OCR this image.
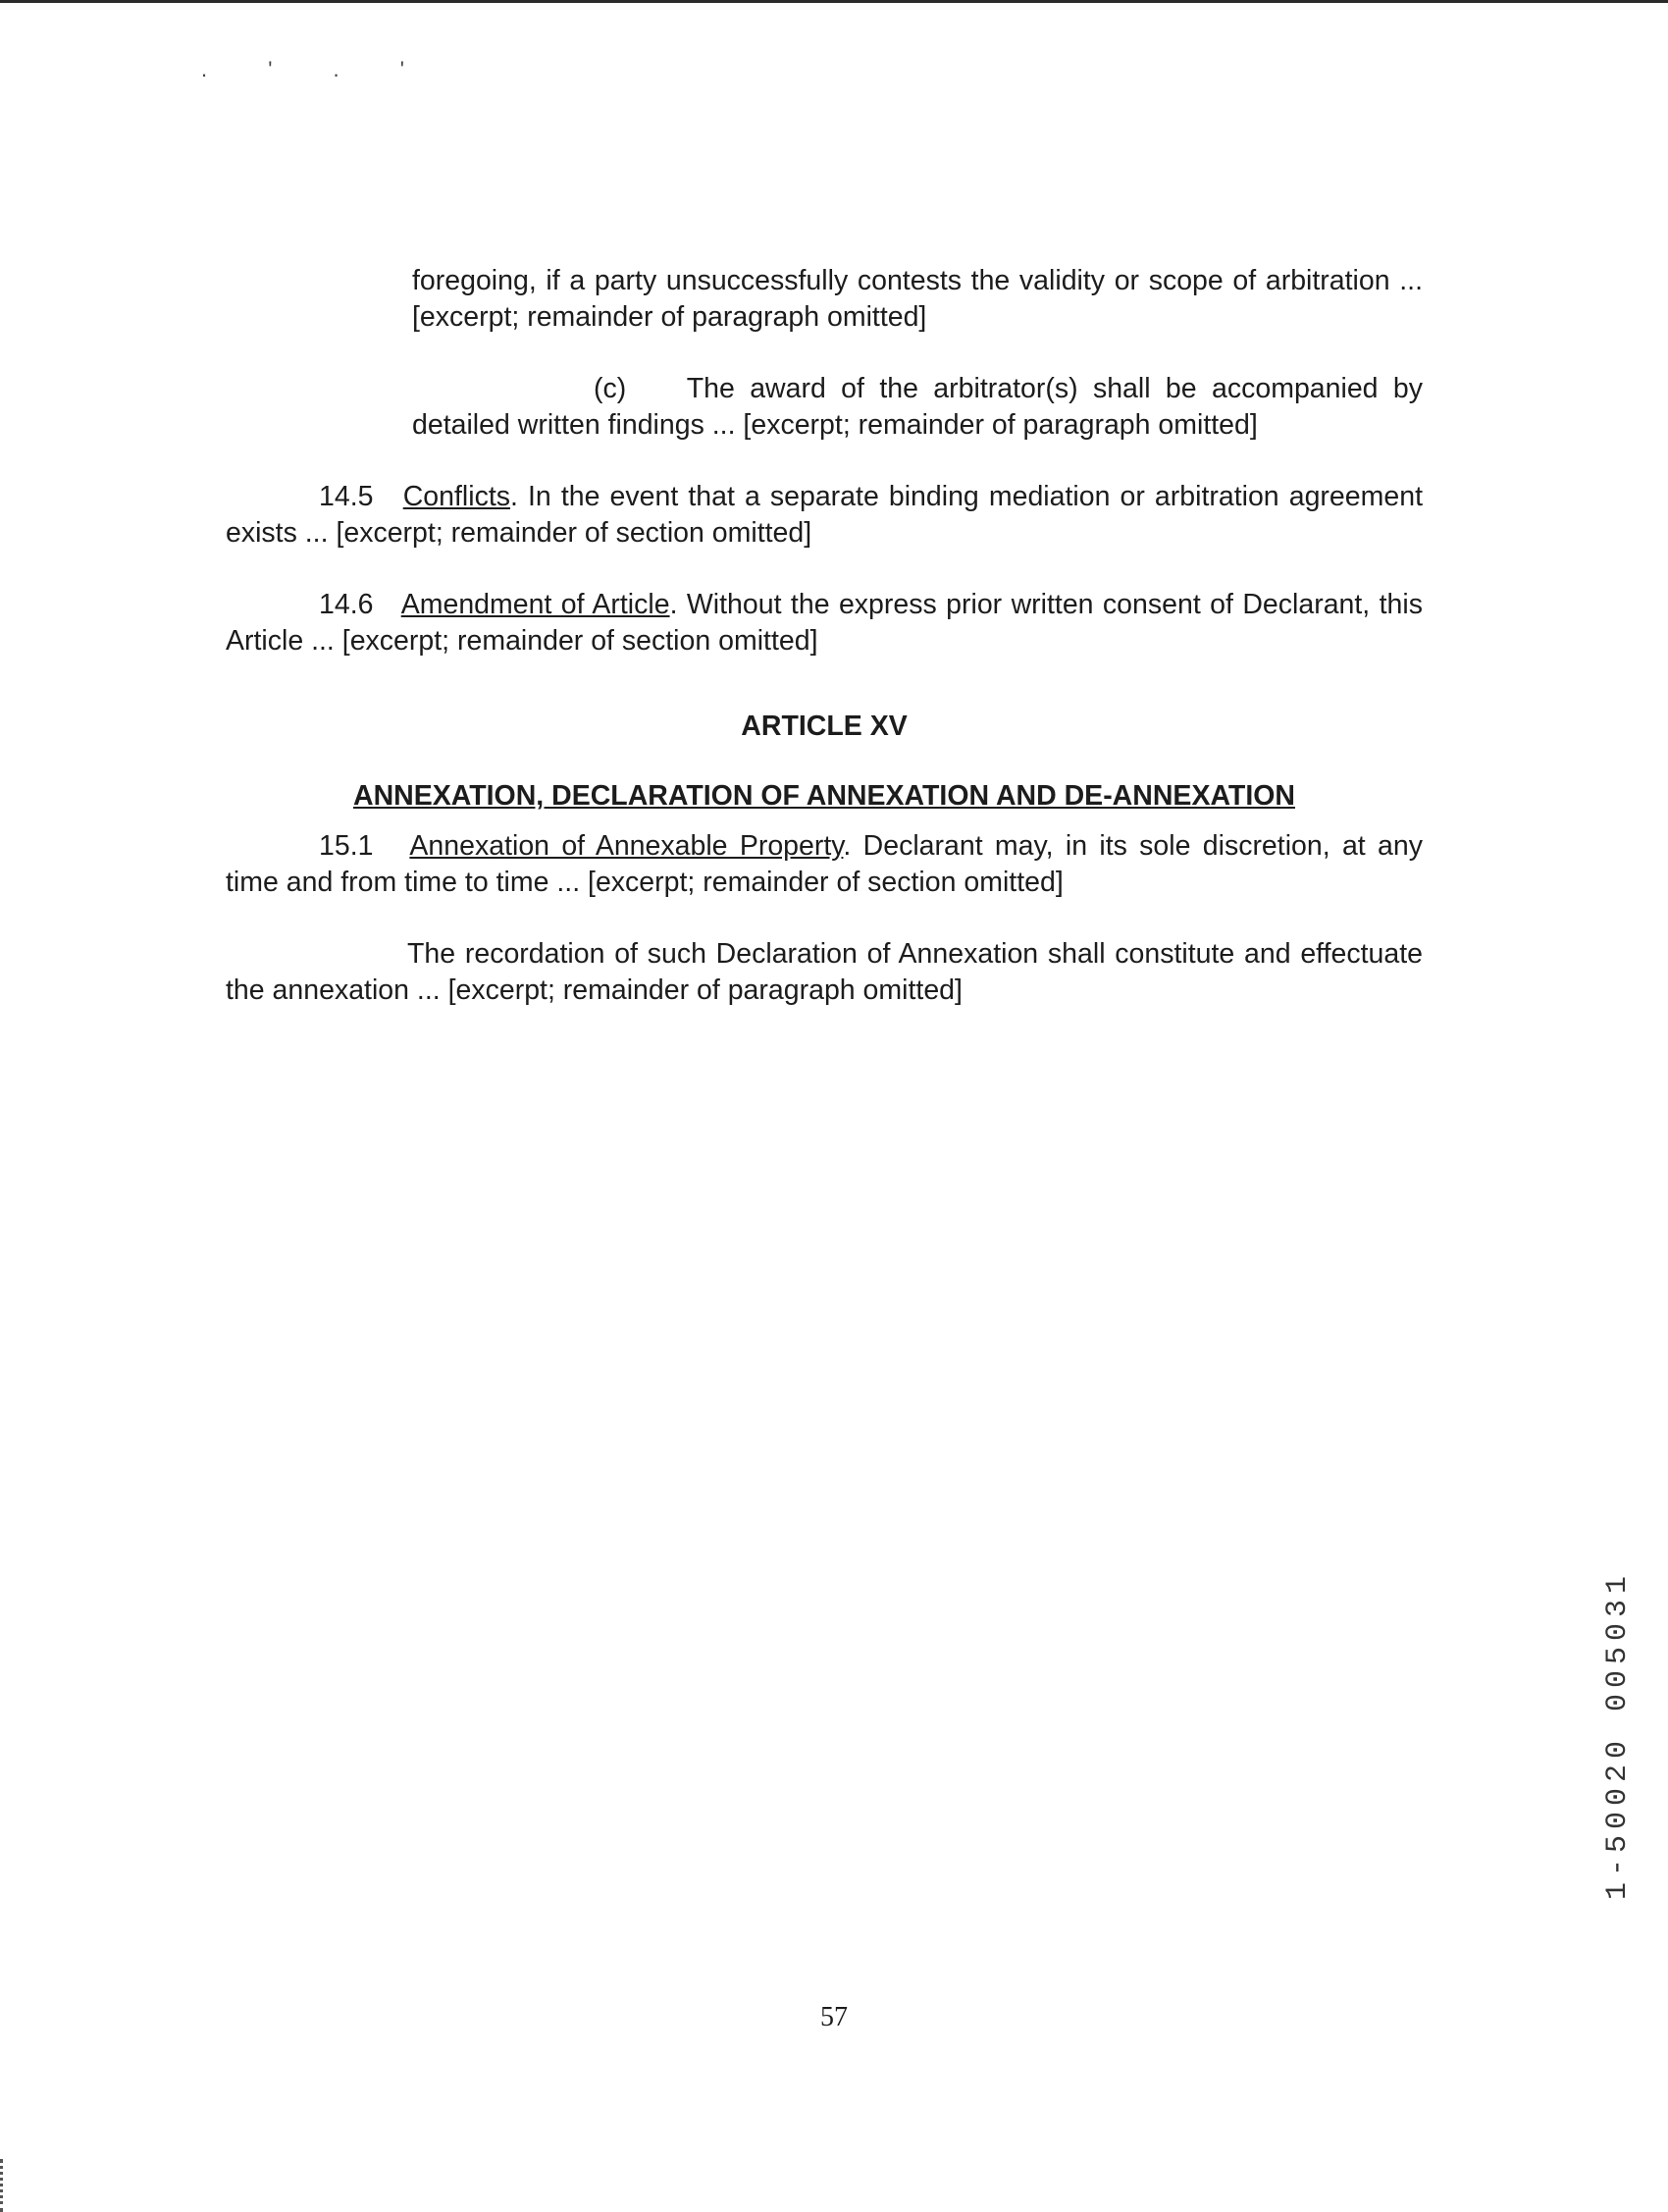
. ' . '

foregoing, if a party unsuccessfully contests the validity or scope of arbitration ... [excerpt; remainder of paragraph omitted]

(c) The award of the arbitrator(s) shall be accompanied by detailed written findings ... [excerpt; remainder of paragraph omitted]

14.5 Conflicts. In the event that a separate binding mediation or arbitration agreement exists ... [excerpt; remainder of section omitted]

14.6 Amendment of Article. Without the express prior written consent of Declarant, this Article ... [excerpt; remainder of section omitted]

ARTICLE XV

ANNEXATION, DECLARATION OF ANNEXATION AND DE-ANNEXATION

15.1 Annexation of Annexable Property. Declarant may, in its sole discretion, at any time and from time to time ... [excerpt; remainder of section omitted]

The recordation of such Declaration of Annexation shall constitute and effectuate the annexation ... [excerpt; remainder of paragraph omitted]

1-50020 005031
57
